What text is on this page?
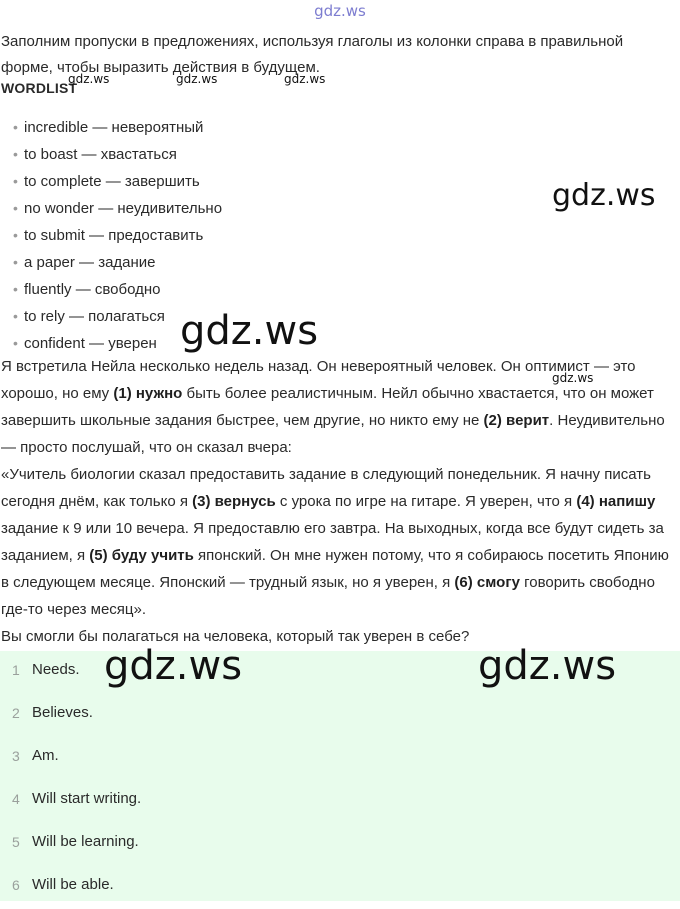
gdz.ws

Заполним пропуски в предложениях, используя глаголы из колонки справа в правильной форме, чтобы выразить действия в будущем.

WORDLIST
• incredible — невероятный
• to boast — хвастаться
• to complete — завершить
• no wonder — неудивительно
• to submit — предоставить
• a paper — задание
• fluently — свободно
• to rely — полагаться
• confident — уверен

Я встретила Нейла несколько недель назад. Он невероятный человек. Он оптимист — это хорошо, но ему (1) нужно быть более реалистичным. Нейл обычно хвастается, что он может завершить школьные задания быстрее, чем другие, но никто ему не (2) верит. Неудивительно — просто послушай, что он сказал вчера:

«Учитель биологии сказал предоставить задание в следующий понедельник. Я начну писать сегодня днём, как только я (3) вернусь с урока по игре на гитаре. Я уверен, что я (4) напишу задание к 9 или 10 вечера. Я предоставлю его завтра. На выходных, когда все будут сидеть за заданием, я (5) буду учить японский. Он мне нужен потому, что я собираюсь посетить Японию в следующем месяце. Японский — трудный язык, но я уверен, я (6) смогу говорить свободно где-то через месяц».

Вы смогли бы полагаться на человека, который так уверен в себе?

1 Needs.
2 Believes.
3 Am.
4 Will start writing.
5 Will be learning.
6 Will be able.
gdz.ws	gdz.ws	gdz.ws
gdz.ws
gdz.ws
gdz.ws
gdz.ws	gdz.ws
